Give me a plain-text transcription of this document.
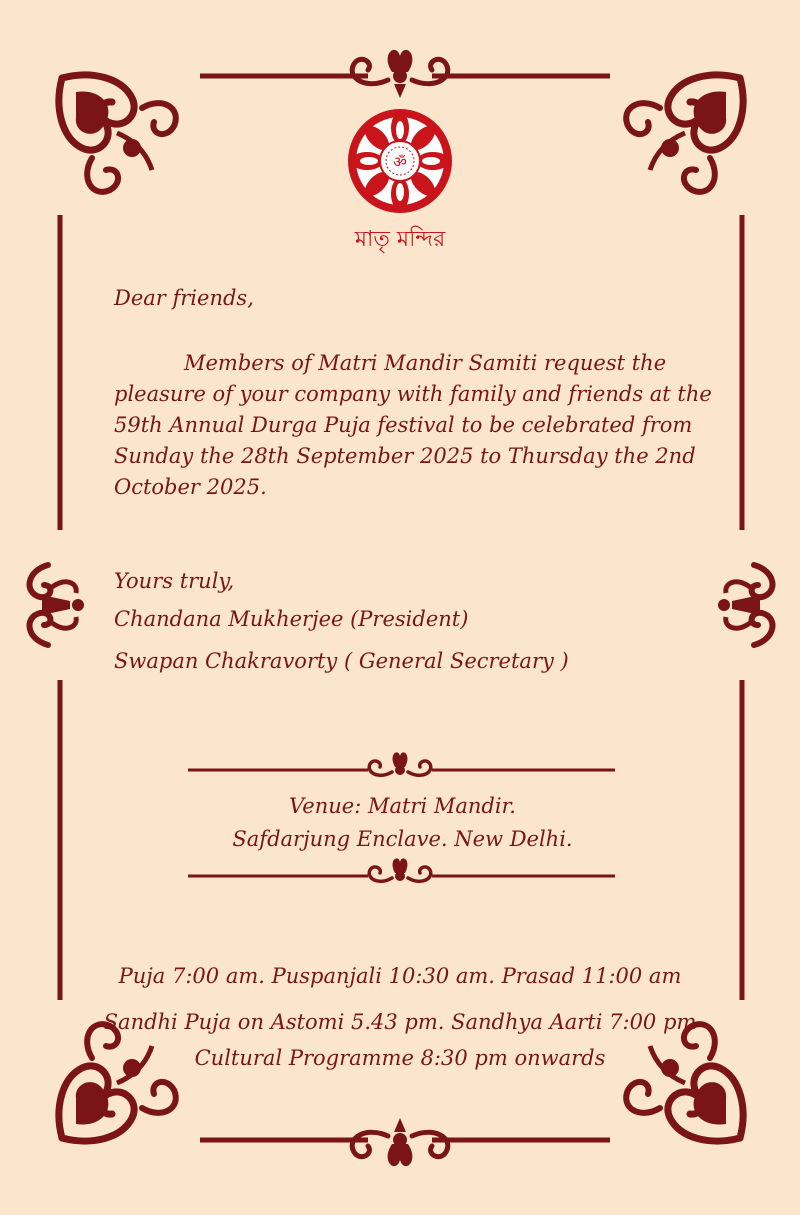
ॐ
মাতৃ মন্দির
Dear friends,
Members of Matri Mandir Samiti request the pleasure of your company with family and friends at the 59th Annual Durga Puja festival to be celebrated from Sunday the 28th September 2025 to Thursday the 2nd October 2025.
Yours truly,
Chandana Mukherjee (President)
Swapan Chakravorty ( General Secretary )
Venue: Matri Mandir.
Safdarjung Enclave. New Delhi.
Puja 7:00 am. Puspanjali 10:30 am. Prasad 11:00 am
Sandhi Puja on Astomi 5.43 pm. Sandhya Aarti 7:00 pm
Cultural Programme 8:30 pm onwards
